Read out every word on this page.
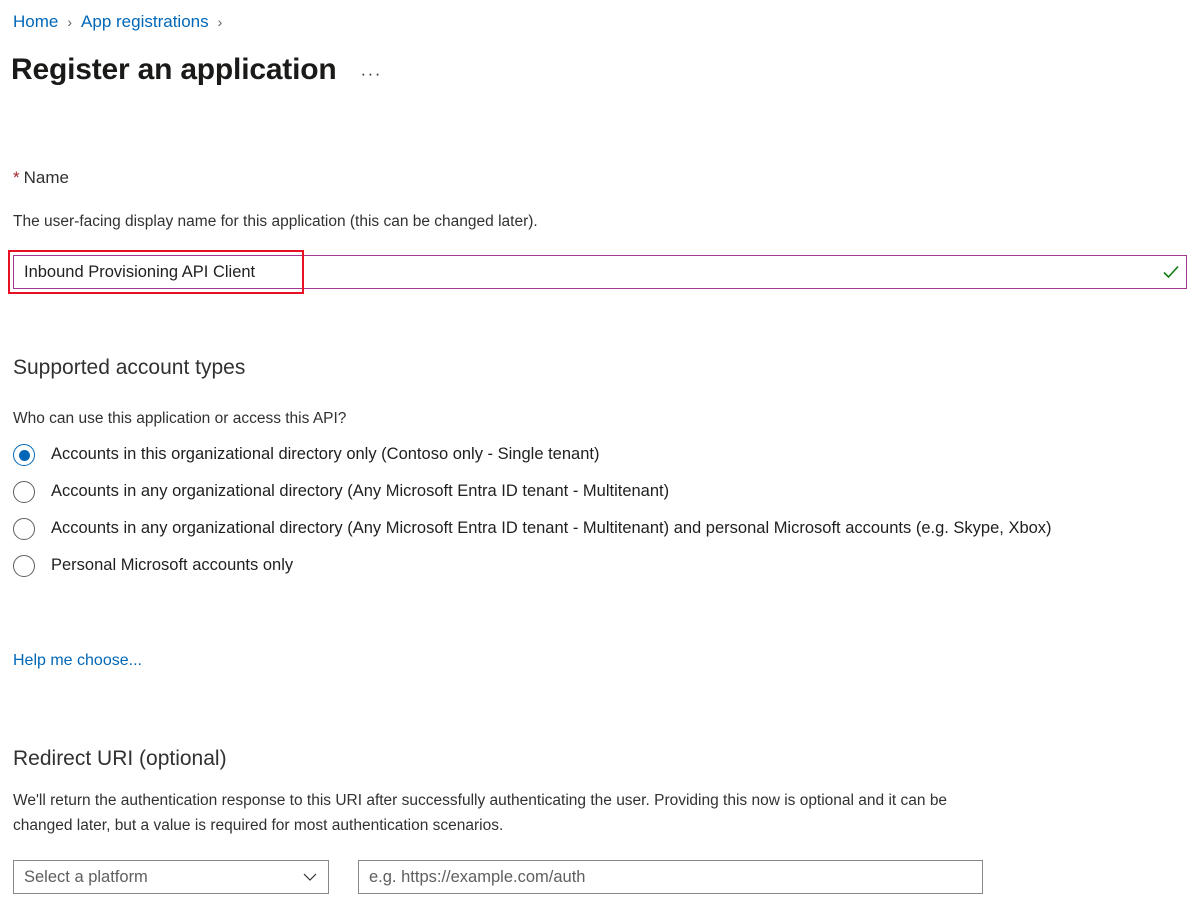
Home › App registrations ›
Register an application ···
* Name
The user-facing display name for this application (this can be changed later).
Inbound Provisioning API Client
Supported account types
Who can use this application or access this API?
Accounts in this organizational directory only (Contoso only - Single tenant)
Accounts in any organizational directory (Any Microsoft Entra ID tenant - Multitenant)
Accounts in any organizational directory (Any Microsoft Entra ID tenant - Multitenant) and personal Microsoft accounts (e.g. Skype, Xbox)
Personal Microsoft accounts only
Help me choose...
Redirect URI (optional)
We'll return the authentication response to this URI after successfully authenticating the user. Providing this now is optional and it can be
changed later, but a value is required for most authentication scenarios.
Select a platform
e.g. https://example.com/auth
